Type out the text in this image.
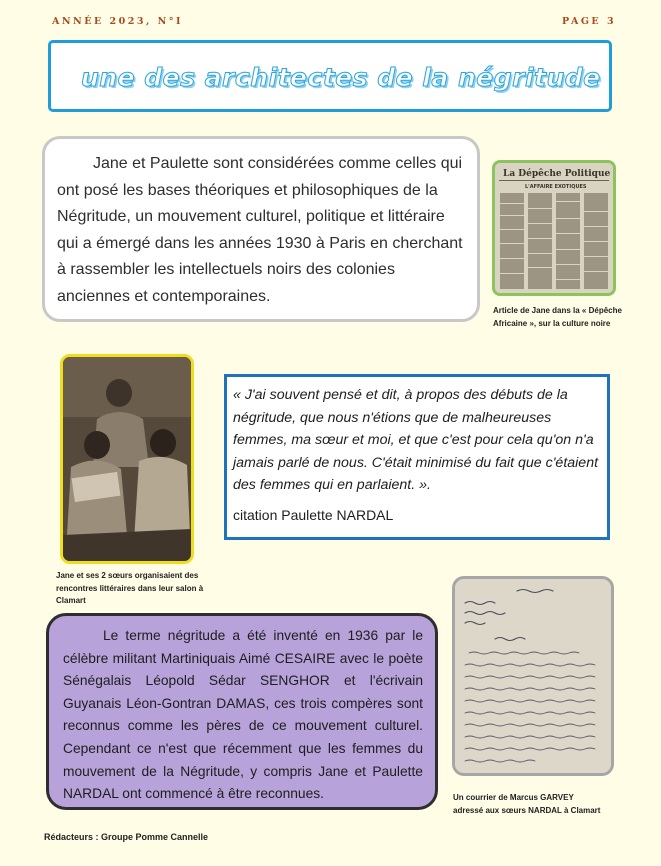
ANNÉE 2023, N°I	PAGE 3
une des architectes de la négritude

Jane et Paulette sont considérées comme celles qui ont posé les bases théoriques et philosophiques de la Négritude, un mouvement culturel, politique et littéraire qui a émergé dans les années 1930 à Paris en cherchant à rassembler les intellectuels noirs des colonies anciennes et contemporaines.

La Dépêche Politique
L'AFFAIRE EXOTIQUES
Article de Jane dans la « Dépêche Africaine », sur la culture noire
Jane et ses 2 sœurs organisaient des rencontres littéraires dans leur salon à Clamart

« J'ai souvent pensé et dit, à propos des débuts de la négritude, que nous n'étions que de malheureuses femmes, ma sœur et moi, et que c'est pour cela qu'on n'a jamais parlé de nous. C'était minimisé du fait que c'étaient des femmes qui en parlaient. ».

citation Paulette NARDAL

Le terme négritude a été inventé en 1936 par le célèbre militant Martiniquais Aimé CESAIRE avec le poète Sénégalais Léopold Sédar SENGHOR et l'écrivain Guyanais Léon-Gontran DAMAS, ces trois compères sont reconnus comme les pères de ce mouvement culturel. Cependant ce n'est que récemment que les femmes du mouvement de la Négritude, y compris Jane et Paulette NARDAL ont commencé à être reconnues.	Un courrier de Marcus GARVEY adressé aux sœurs NARDAL à Clamart
Rédacteurs : Groupe Pomme Cannelle
